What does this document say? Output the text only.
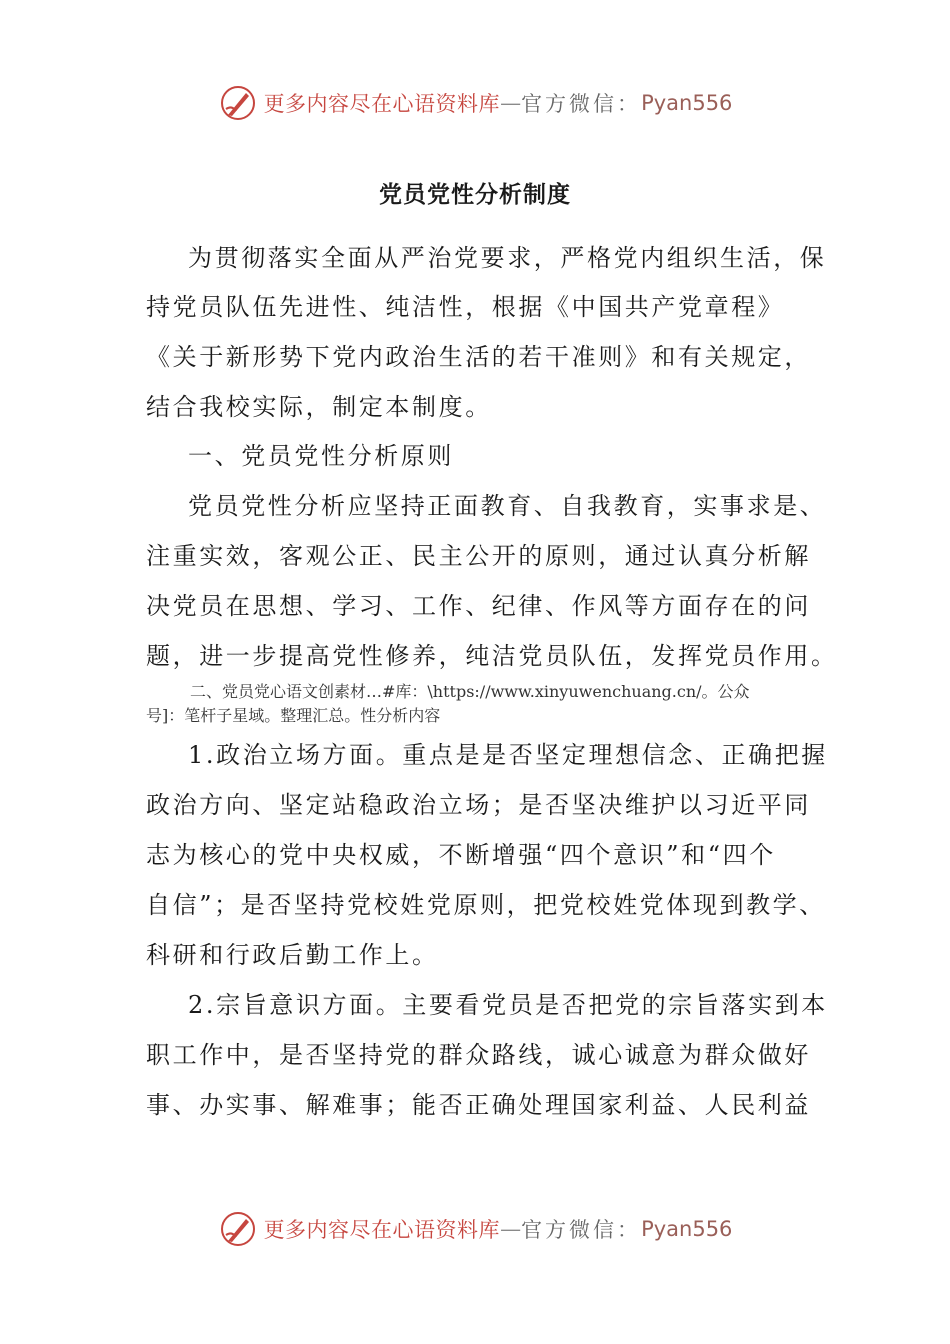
更多内容尽在心语资料库 — 官方微信： Pyan556
党员党性分析制度
为贯彻落实全面从严治党要求，严格党内组织生活，保
持党员队伍先进性、纯洁性，根据《中国共产党章程》
《关于新形势下党内政治生活的若干准则》和有关规定，
结合我校实际，制定本制度。
一、党员党性分析原则
党员党性分析应坚持正面教育、自我教育，实事求是、
注重实效，客观公正、民主公开的原则，通过认真分析解
决党员在思想、学习、工作、纪律、作风等方面存在的问
题，进一步提高党性修养，纯洁党员队伍，发挥党员作用。
二、党员党心语文创素材…#库：\https://www.xinyuwenchuang.cn/。公众
号]：笔杆子星域。整理汇总。性分析内容
1.政治立场方面。重点是是否坚定理想信念、正确把握
政治方向、坚定站稳政治立场；是否坚决维护以习近平同
志为核心的党中央权威，不断增强“四个意识”和“四个
自信”；是否坚持党校姓党原则，把党校姓党体现到教学、
科研和行政后勤工作上。
2.宗旨意识方面。主要看党员是否把党的宗旨落实到本
职工作中，是否坚持党的群众路线，诚心诚意为群众做好
事、办实事、解难事；能否正确处理国家利益、人民利益
更多内容尽在心语资料库 — 官方微信： Pyan556
